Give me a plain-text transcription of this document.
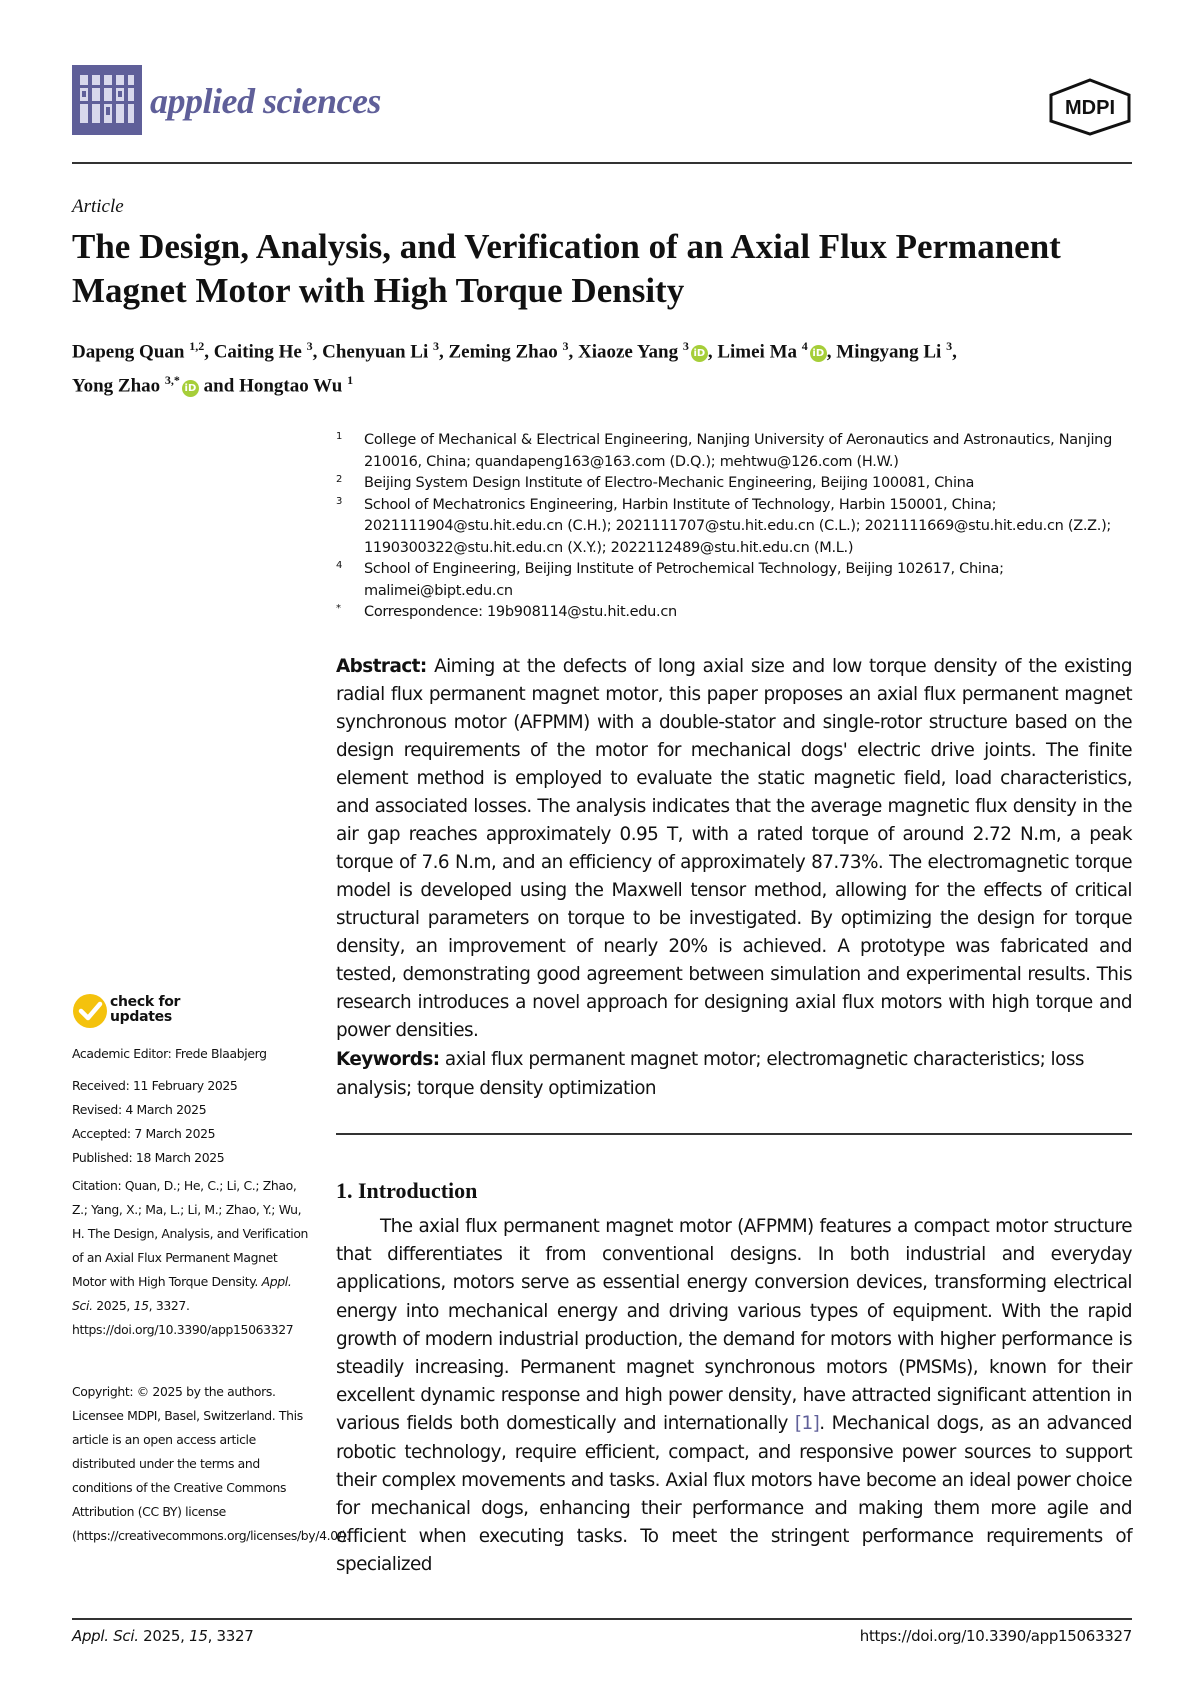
applied sciences	MDPI
Article
The Design, Analysis, and Verification of an Axial Flux Permanent Magnet Motor with High Torque Density
Dapeng Quan $^{1,2}$, Caiting He $^3$, Chenyuan Li $^3$, Zeming Zhao $^3$, Xiaoze Yang $^3$iD , Limei Ma $^4$iD , Mingyang Li $^3$,
Yong Zhao $^{3,*}$iD and Hongtao Wu $^1$
1 College of Mechanical & Electrical Engineering, Nanjing University of Aeronautics and Astronautics, Nanjing 210016, China; quandapeng163@163.com (D.Q.); mehtwu@126.com (H.W.)
2 Beijing System Design Institute of Electro-Mechanic Engineering, Beijing 100081, China
3 School of Mechatronics Engineering, Harbin Institute of Technology, Harbin 150001, China; 2021111904@stu.hit.edu.cn (C.H.); 2021111707@stu.hit.edu.cn (C.L.); 2021111669@stu.hit.edu.cn (Z.Z.); 1190300322@stu.hit.edu.cn (X.Y.); 2022112489@stu.hit.edu.cn (M.L.)
4 School of Engineering, Beijing Institute of Petrochemical Technology, Beijing 102617, China; malimei@bipt.edu.cn
* Correspondence: 19b908114@stu.hit.edu.cn
Abstract: Aiming at the defects of long axial size and low torque density of the existing radial flux permanent magnet motor, this paper proposes an axial flux permanent magnet synchronous motor (AFPMM) with a double-stator and single-rotor structure based on the design requirements of the motor for mechanical dogs' electric drive joints. The finite element method is employed to evaluate the static magnetic field, load characteristics, and associated losses. The analysis indicates that the average magnetic flux density in the air gap reaches approximately 0.95 T, with a rated torque of around 2.72 N.m, a peak torque of 7.6 N.m, and an efficiency of approximately 87.73%. The electromagnetic torque model is developed using the Maxwell tensor method, allowing for the effects of critical structural parameters on torque to be investigated. By optimizing the design for torque density, an improvement of nearly 20% is achieved. A prototype was fabricated and tested, demonstrating good agreement between simulation and experimental results. This research introduces a novel approach for designing axial flux motors with high torque and power densities.
Keywords: axial flux permanent magnet motor; electromagnetic characteristics; loss analysis; torque density optimization
1. Introduction

The axial flux permanent magnet motor (AFPMM) features a compact motor structure that differentiates it from conventional designs. In both industrial and everyday applications, motors serve as essential energy conversion devices, transforming electrical energy into mechanical energy and driving various types of equipment. With the rapid growth of modern industrial production, the demand for motors with higher performance is steadily increasing. Permanent magnet synchronous motors (PMSMs), known for their excellent dynamic response and high power density, have attracted significant attention in various fields both domestically and internationally [1]. Mechanical dogs, as an advanced robotic technology, require efficient, compact, and responsive power sources to support their complex movements and tasks. Axial flux motors have become an ideal power choice for mechanical dogs, enhancing their performance and making them more agile and efficient when executing tasks. To meet the stringent performance requirements of specialized

check for
updates
Academic Editor: Frede Blaabjerg
Received: 11 February 2025
Revised: 4 March 2025
Accepted: 7 March 2025
Published: 18 March 2025
Citation: Quan, D.; He, C.; Li, C.; Zhao, Z.; Yang, X.; Ma, L.; Li, M.; Zhao, Y.; Wu, H. The Design, Analysis, and Verification of an Axial Flux Permanent Magnet Motor with High Torque Density. Appl. Sci. 2025, 15, 3327. https://doi.org/10.3390/app15063327
Copyright: © 2025 by the authors. Licensee MDPI, Basel, Switzerland. This article is an open access article distributed under the terms and conditions of the Creative Commons Attribution (CC BY) license (https://creativecommons.org/licenses/by/4.0/).
Appl. Sci. 2025, 15, 3327	https://doi.org/10.3390/app15063327
